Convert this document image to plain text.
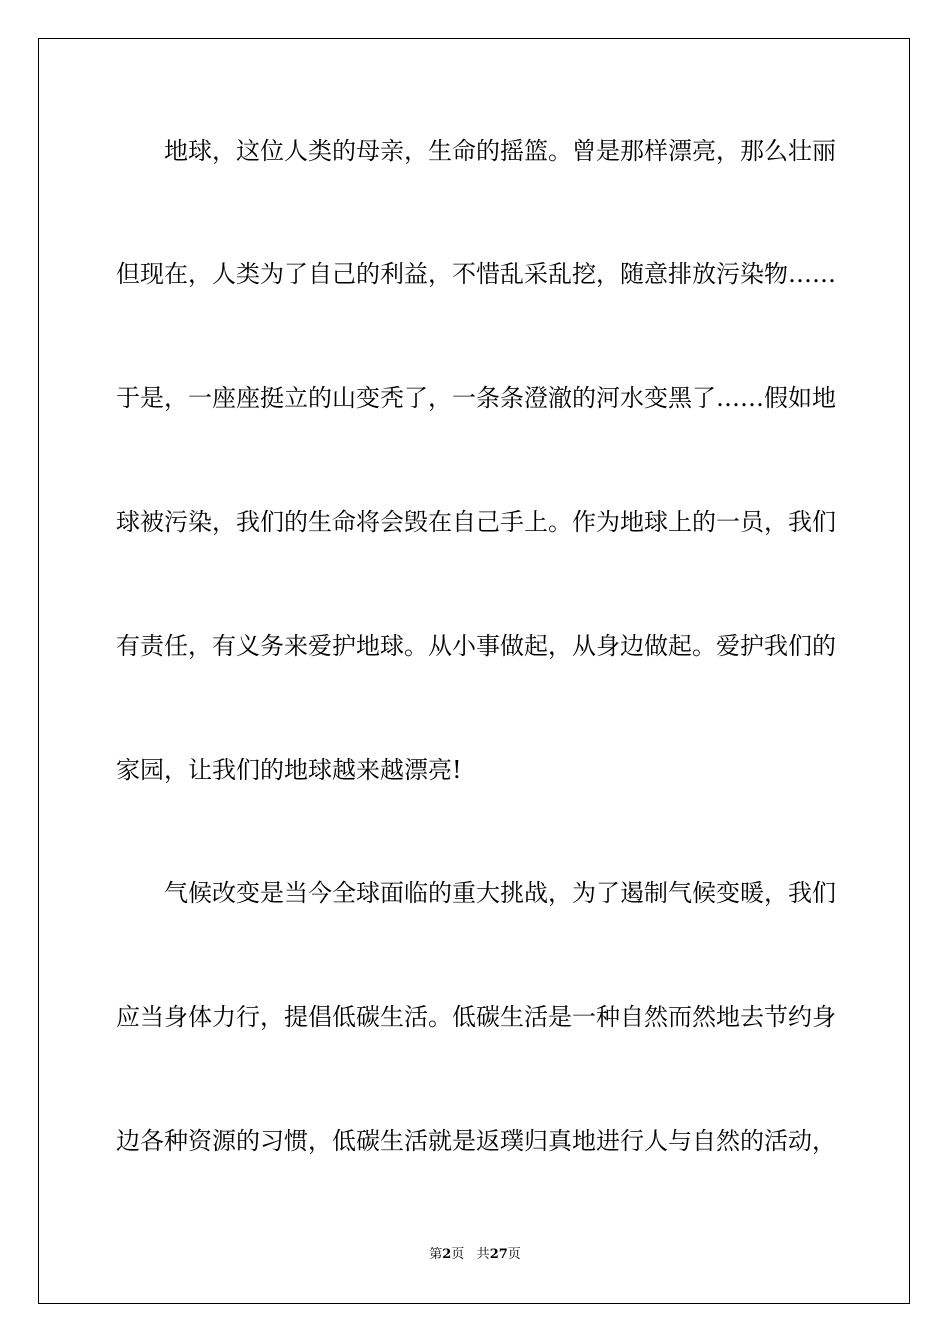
地球，这位人类的母亲，生命的摇篮。曾是那样漂亮，那么壮丽

但现在，人类为了自己的利益，不惜乱采乱挖，随意排放污染物……

于是，一座座挺立的山变秃了，一条条澄澈的河水变黑了……假如地

球被污染，我们的生命将会毁在自己手上。作为地球上的一员，我们

有责任，有义务来爱护地球。从小事做起，从身边做起。爱护我们的

家园，让我们的地球越来越漂亮!

气候改变是当今全球面临的重大挑战，为了遏制气候变暖，我们

应当身体力行，提倡低碳生活。低碳生活是一种自然而然地去节约身

边各种资源的习惯，低碳生活就是返璞归真地进行人与自然的活动，

第2页 共27页
